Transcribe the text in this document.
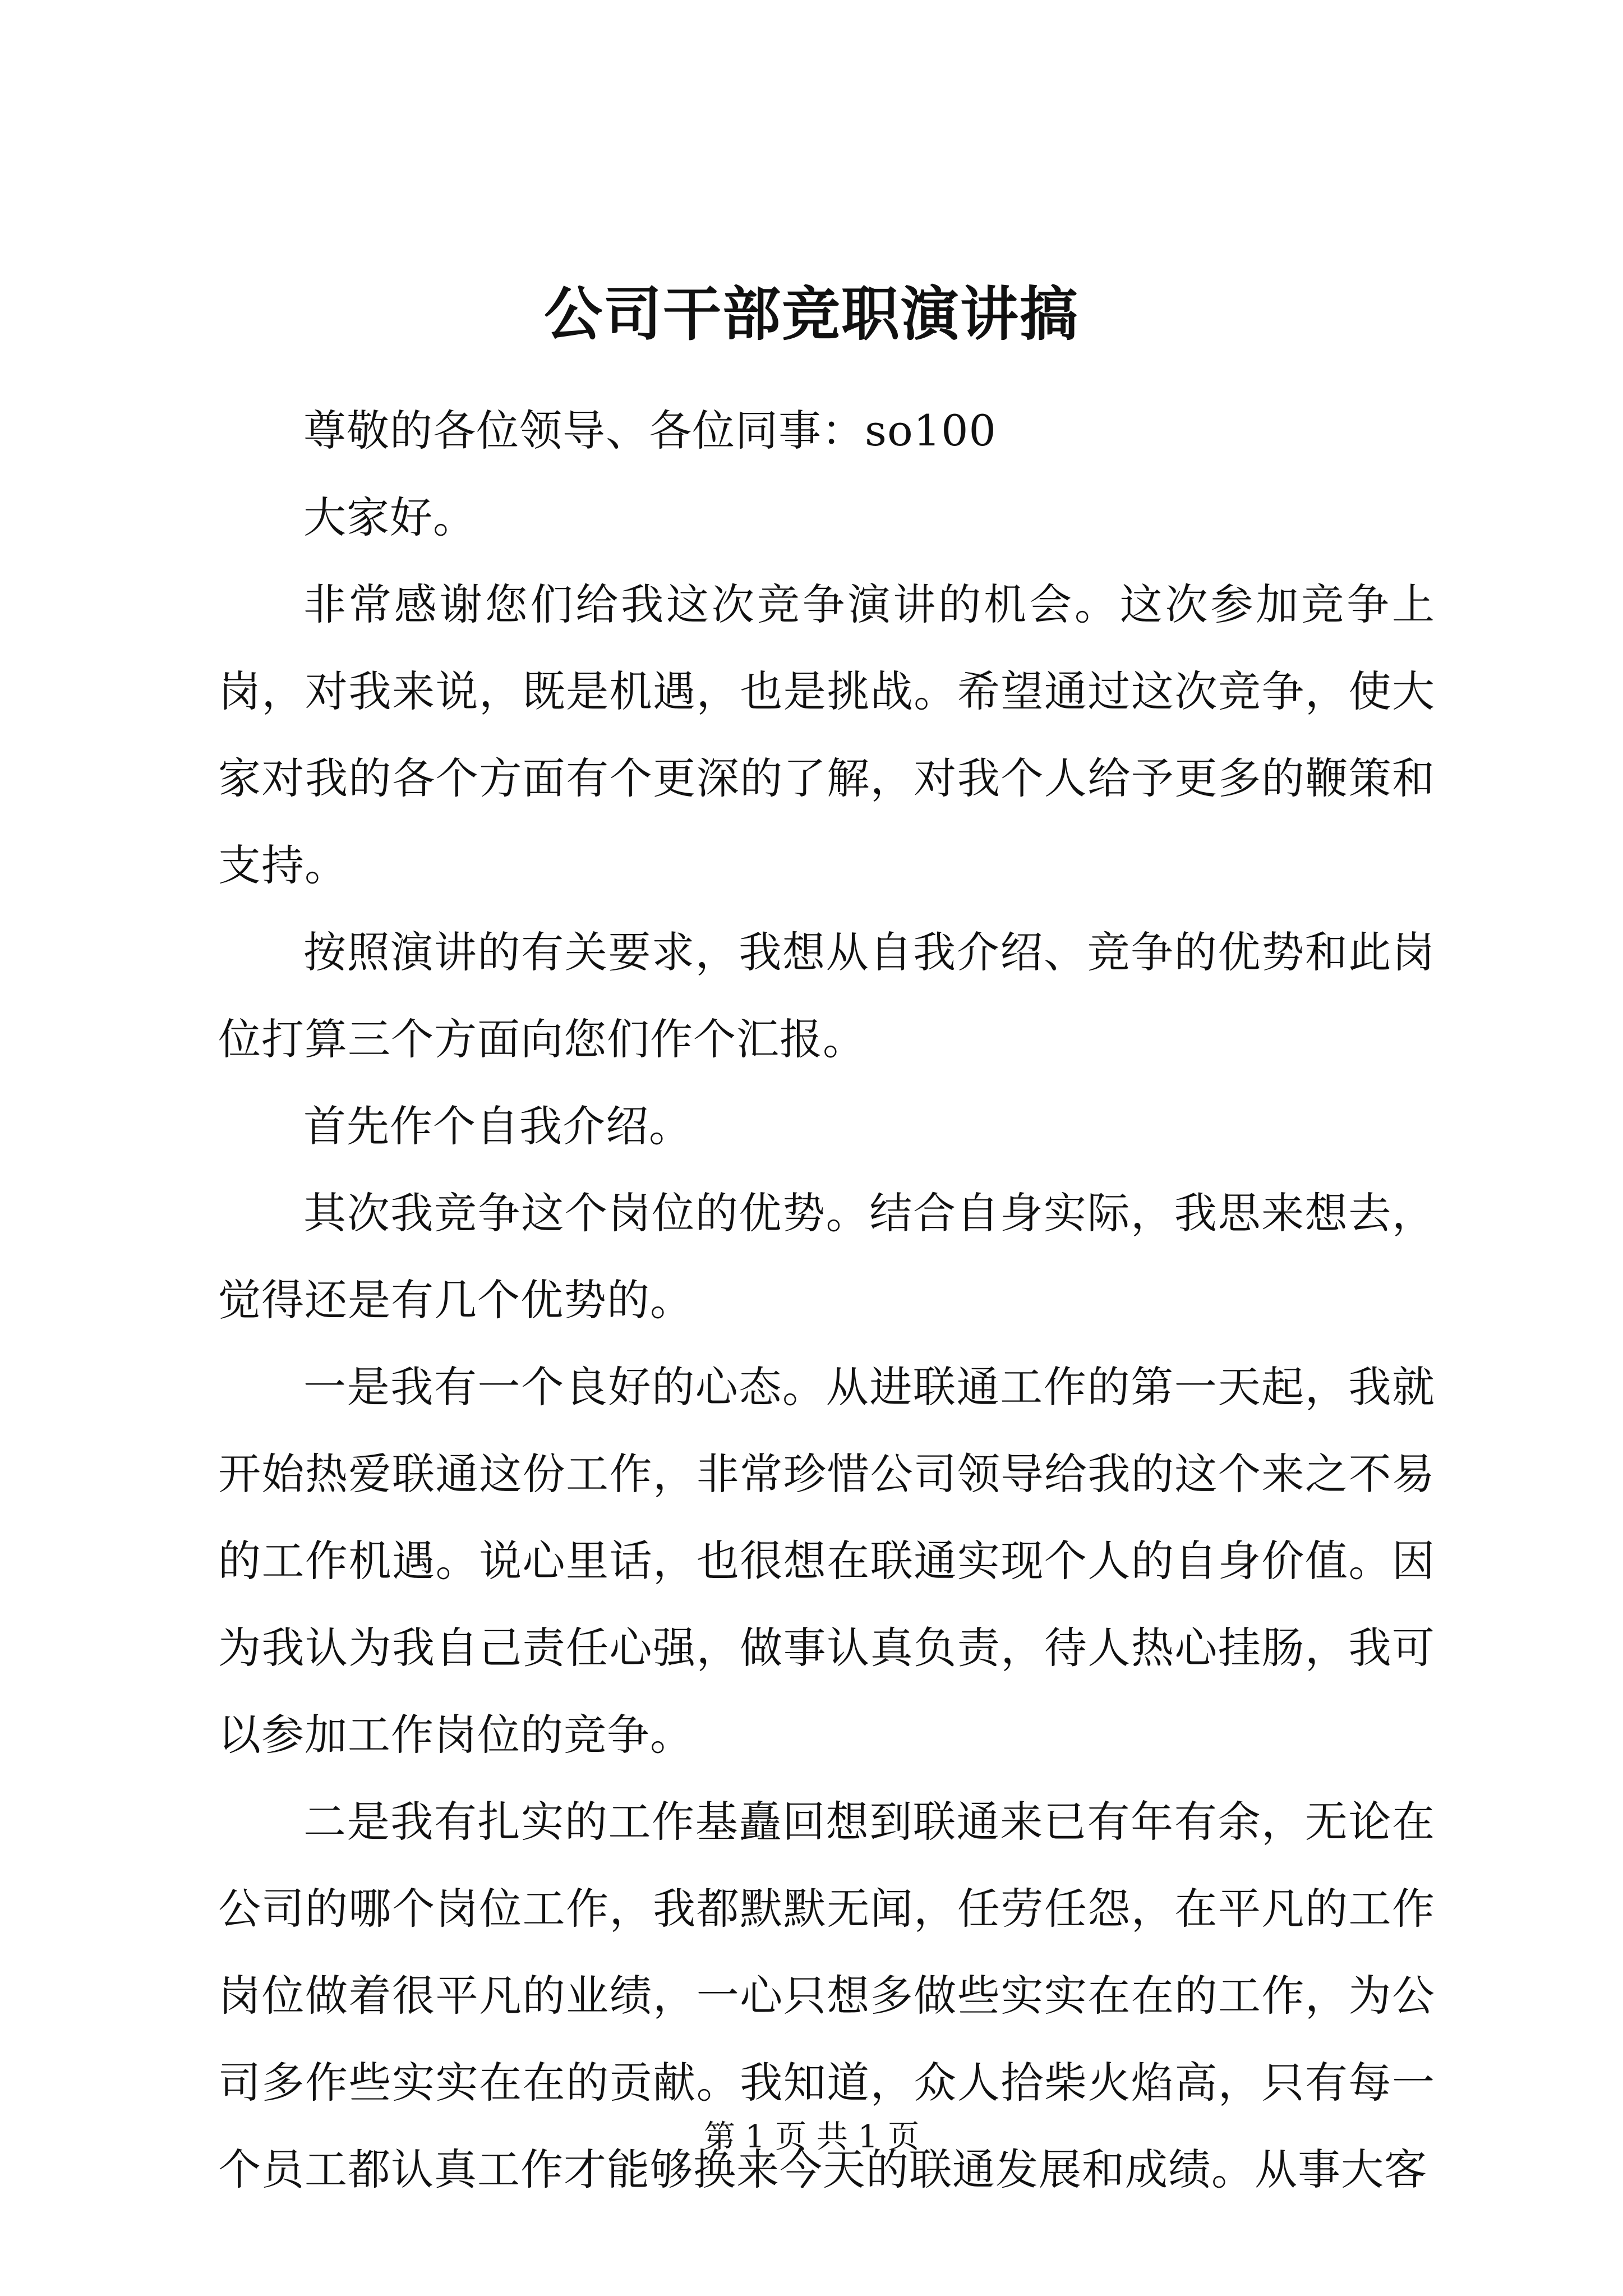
公司干部竞职演讲搞

尊敬的各位领导、各位同事：so100

大家好。

非常感谢您们给我这次竞争演讲的机会。这次参加竞争上岗，对我来说，既是机遇，也是挑战。希望通过这次竞争，使大家对我的各个方面有个更深的了解，对我个人给予更多的鞭策和支持。

按照演讲的有关要求，我想从自我介绍、竞争的优势和此岗位打算三个方面向您们作个汇报。

首先作个自我介绍。

其次我竞争这个岗位的优势。结合自身实际，我思来想去，觉得还是有几个优势的。

一是我有一个良好的心态。从进联通工作的第一天起，我就开始热爱联通这份工作，非常珍惜公司领导给我的这个来之不易的工作机遇。说心里话，也很想在联通实现个人的自身价值。因为我认为我自己责任心强，做事认真负责，待人热心挂肠，我可以参加工作岗位的竞争。

二是我有扎实的工作基矗回想到联通来已有年有余，无论在公司的哪个岗位工作，我都默默无闻，任劳任怨，在平凡的工作岗位做着很平凡的业绩，一心只想多做些实实在在的工作，为公司多作些实实在在的贡献。我知道，众人拾柴火焰高，只有每一个员工都认真工作才能够换来今天的联通发展和成绩。从事大客

第 1 页 共 1 页
